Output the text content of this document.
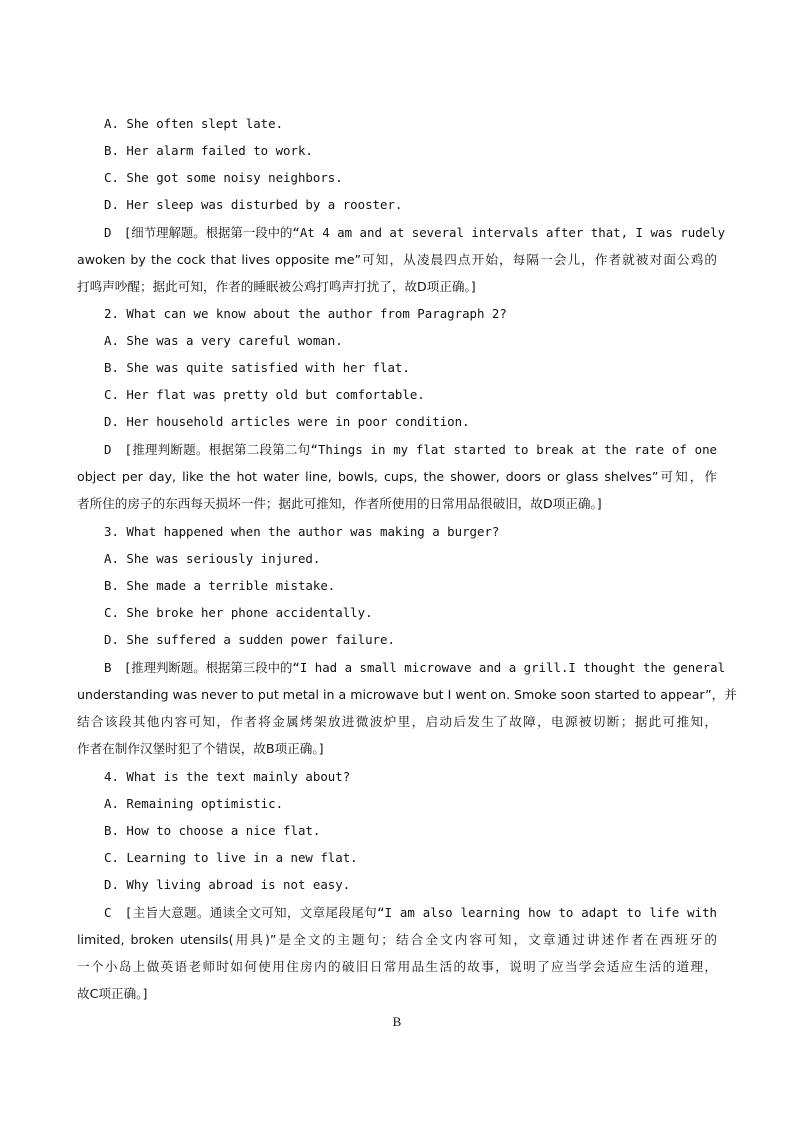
A. She often slept late.
B. Her alarm failed to work.
C. She got some noisy neighbors.
D. Her sleep was disturbed by a rooster.
D　[细节理解题。根据第一段中的“At 4 am and at several intervals after that, I was rudely
awoken by the cock that lives opposite me”可知，从凌晨四点开始，每隔一会儿，作者就被对面公鸡的
打鸣声吵醒；据此可知，作者的睡眠被公鸡打鸣声打扰了，故D项正确。]
2. What can we know about the author from Paragraph 2?
A. She was a very careful woman.
B. She was quite satisfied with her flat.
C. Her flat was pretty old but comfortable.
D. Her household articles were in poor condition.
D　[推理判断题。根据第二段第二句“Things in my flat started to break at the rate of one
object per day, like the hot water line, bowls, cups, the shower, doors or glass shelves”可知，作
者所住的房子的东西每天损坏一件；据此可推知，作者所使用的日常用品很破旧，故D项正确。]
3. What happened when the author was making a burger?
A. She was seriously injured.
B. She made a terrible mistake.
C. She broke her phone accidentally.
D. She suffered a sudden power failure.
B　[推理判断题。根据第三段中的“I had a small microwave and a grill.I thought the general
understanding was never to put metal in a microwave but I went on. Smoke soon started to appear”，并
结合该段其他内容可知，作者将金属烤架放进微波炉里，启动后发生了故障，电源被切断；据此可推知，
作者在制作汉堡时犯了个错误，故B项正确。]
4. What is the text mainly about?
A. Remaining optimistic.
B. How to choose a nice flat.
C. Learning to live in a new flat.
D. Why living abroad is not easy.
C　[主旨大意题。通读全文可知，文章尾段尾句“I am also learning how to adapt to life with
limited, broken utensils(用具)”是全文的主题句；结合全文内容可知，文章通过讲述作者在西班牙的
一个小岛上做英语老师时如何使用住房内的破旧日常用品生活的故事，说明了应当学会适应生活的道理，
故C项正确。]
B
